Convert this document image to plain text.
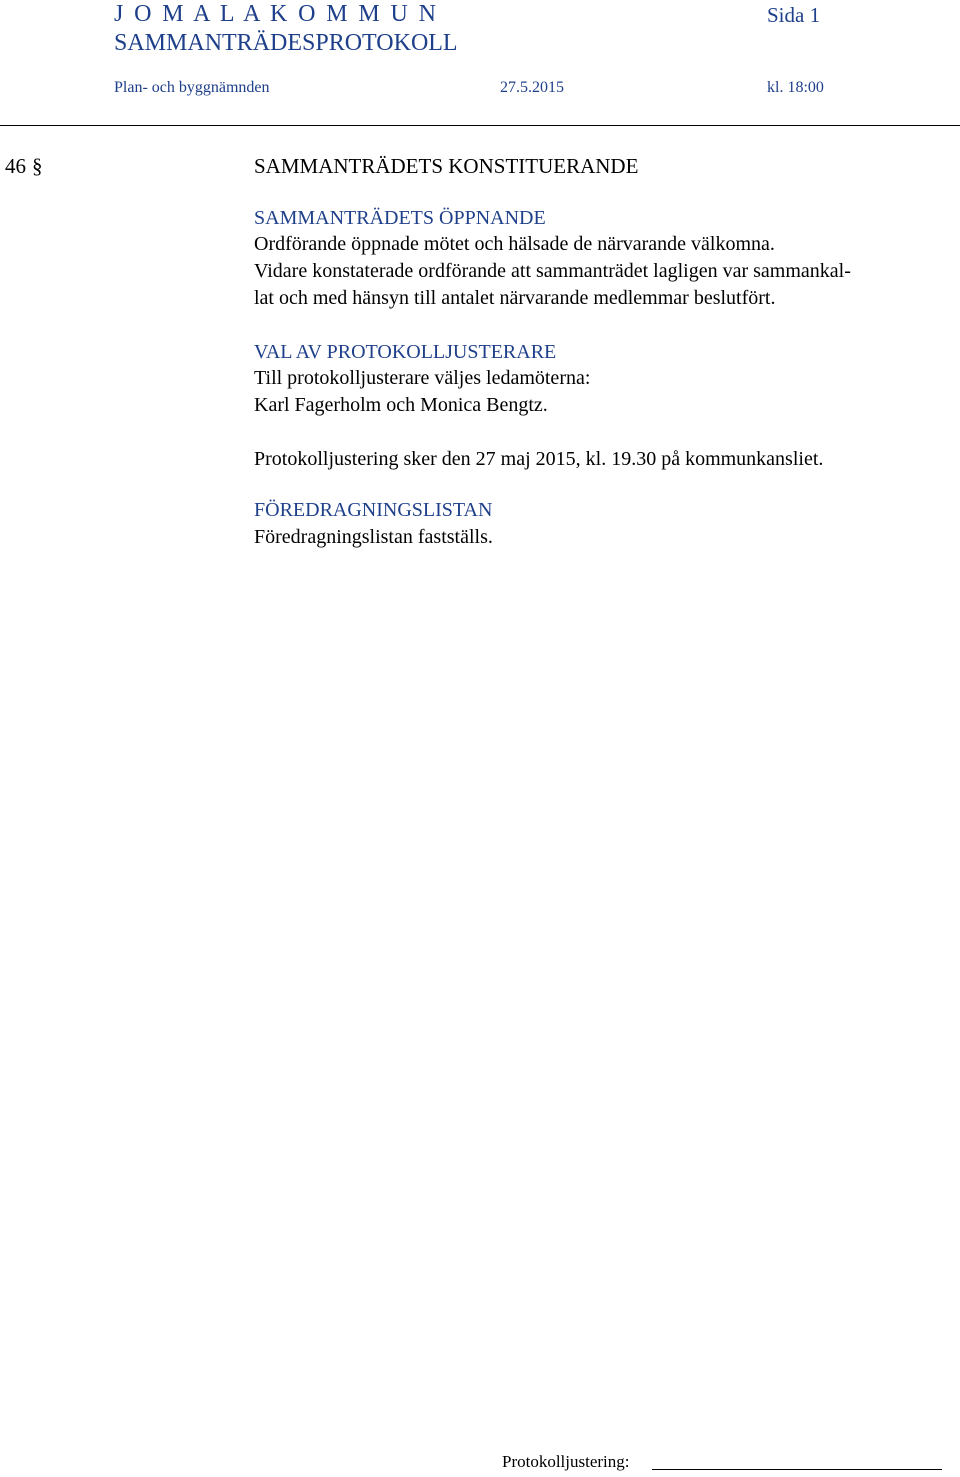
J O M A L A K O M M U N	Sida 1
SAMMANTRÄDESPROTOKOLL
Plan- och byggnämnden	27.5.2015	kl. 18:00
46 §	SAMMANTRÄDETS KONSTITUERANDE
SAMMANTRÄDETS ÖPPNANDE
Ordförande öppnade mötet och hälsade de närvarande välkomna.
Vidare konstaterade ordförande att sammanträdet lagligen var sammankal-
lat och med hänsyn till antalet närvarande medlemmar beslutfört.
VAL AV PROTOKOLLJUSTERARE
Till protokolljusterare väljes ledamöterna:
Karl Fagerholm och Monica Bengtz.
Protokolljustering sker den 27 maj 2015, kl. 19.30 på kommunkansliet.
FÖREDRAGNINGSLISTAN
Föredragningslistan fastställs.
Protokolljustering:
